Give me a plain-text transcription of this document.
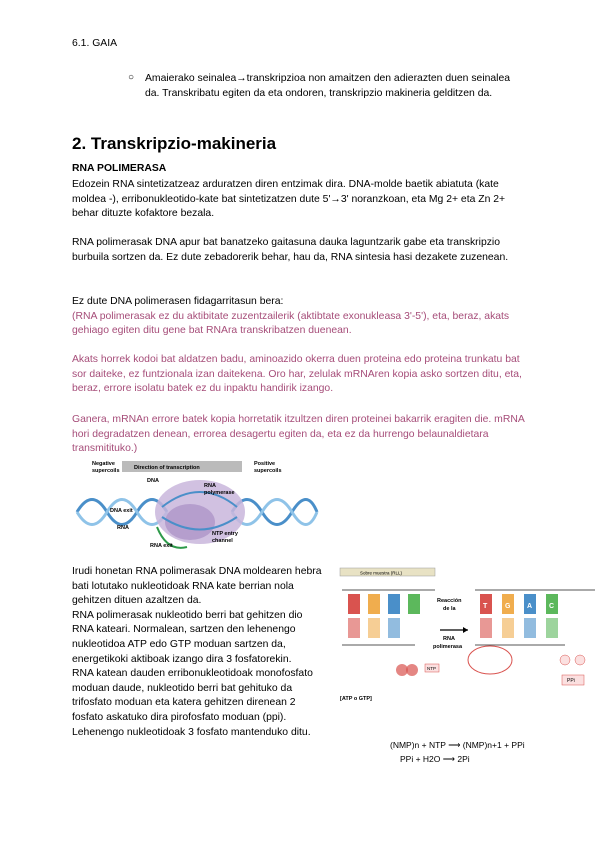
6.1. GAIA
○ Amaierako seinalea→transkripzioa non amaitzen den adierazten duen seinalea da. Transkribatu egiten da eta ondoren, transkripzio makineria gelditzen da.
2. Transkripzio-makineria
RNA POLIMERASA
Edozein RNA sintetizatzeaz arduratzen diren entzimak dira. DNA-molde baetik abiatuta (kate moldea -), erribonukleotido-kate bat sintetizatzen dute 5'→3' noranzkoan, eta Mg 2+ eta Zn 2+ behar dituzte kofaktore bezala.
RNA polimerasak DNA apur bat banatzeko gaitasuna dauka laguntzarik gabe eta transkripzio burbuila sortzen da. Ez dute zebadorerik behar, hau da, RNA sintesia hasi dezakete zuzenean.
Ez dute DNA polimerasen fidagarritasun bera:
(RNA polimerasak ez du aktibitate zuzentzailerik (aktibtate exonukleasa 3'-5'), eta, beraz, akats gehiago egiten ditu gene bat RNAra transkribatzen duenean.
Akats horrek kodoi bat aldatzen badu, aminoazido okerra duen proteina edo proteina trunkatu bat sor daiteke, ez funtzionala izan daitekena. Oro har, zelulak mRNAren kopia asko sortzen ditu, eta, beraz, errore isolatu batek ez du inpaktu handirik izango.
Ganera, mRNAn errore batek kopia horretatik itzultzen diren proteinei bakarrik eragiten die. mRNA hori degradatzen denean, errorea desagertu egiten da, eta ez da hurrengo belaunaldietara transmitituko.)
Negative
supercoils	Direction of transcription
Positive
supercoils
DNA
RNA
polymerase
DNA exit
RNA
RNA exit
NTP entry
channel
Irudi honetan RNA polimerasak DNA moldearen hebra bati lotutako nukleotidoak RNA kate berrian nola gehitzen dituen azaltzen da.
RNA polimerasak nukleotido berri bat gehitzen dio RNA kateari. Normalean, sartzen den lehenengo nukleotidoa ATP edo GTP moduan sartzen da, energetikoki aktiboak izango dira 3 fosfatorekin.
RNA katean dauden erribonukleotidoak monofosfato moduan daude, nukleotido berri bat gehituko da trifosfato moduan eta katera gehitzen direnean 2 fosfato askatuko dira pirofosfato moduan (ppi).
Lehenengo nukleotidoak 3 fosfato mantenduko ditu.
Sobre muestra (RLL)
NTP
[ATP o GTP]
Reacción
de la
RNA
polimerasa
T	G A C
PPi
(NMP)n + NTP ⟶ (NMP)n+1 + PPi
PPi + H2O ⟶ 2Pi
